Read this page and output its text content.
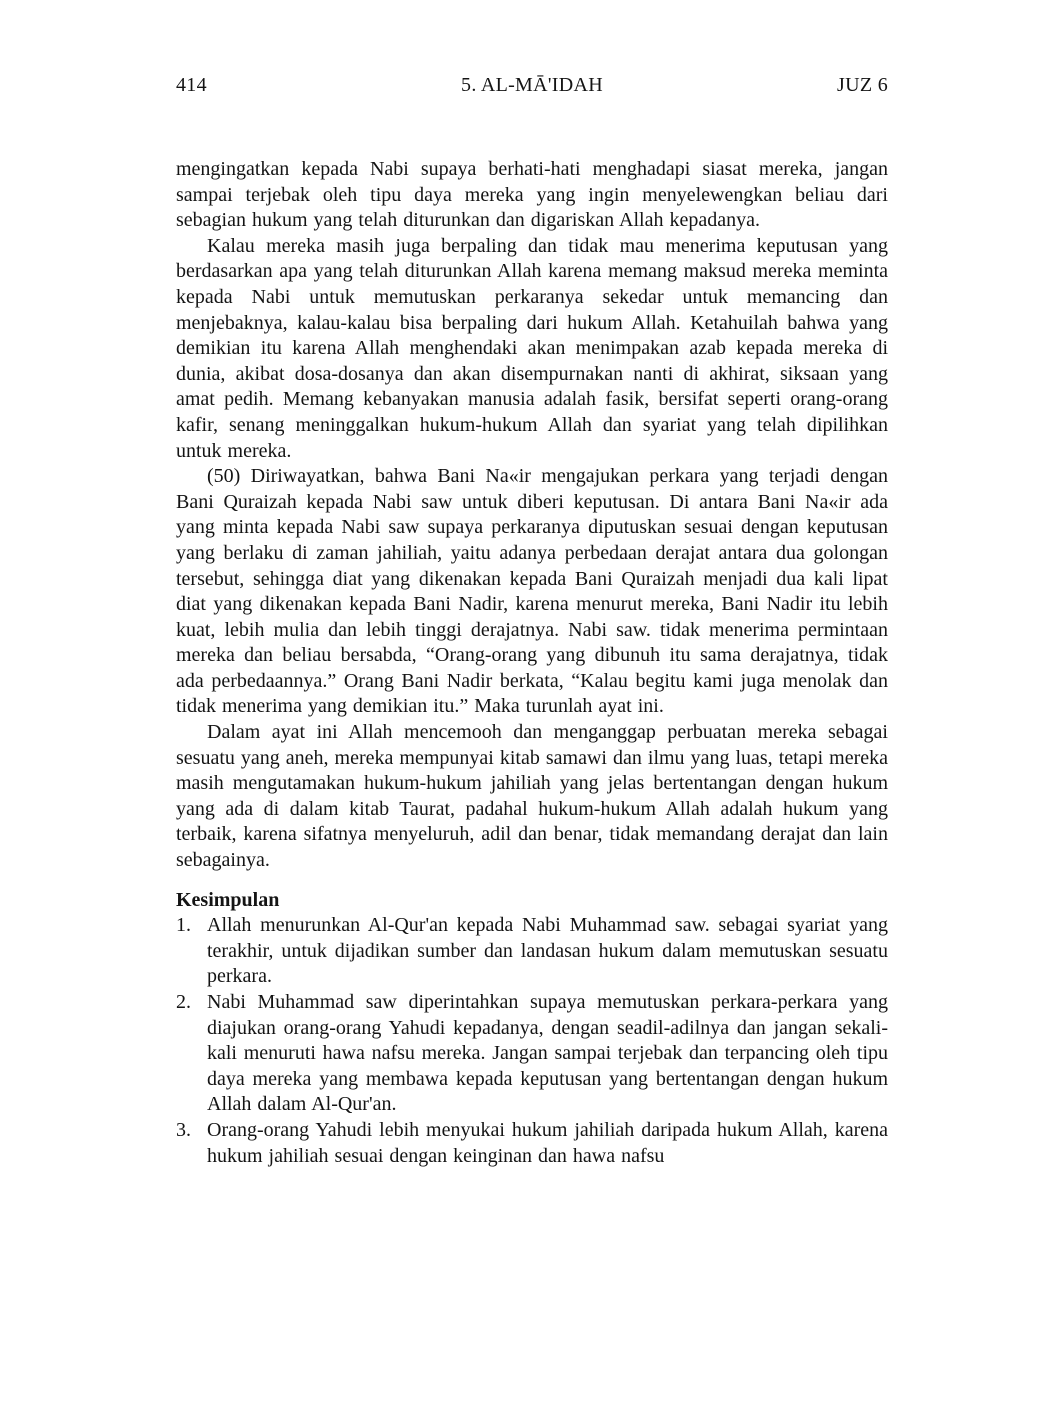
414	5. AL-MĀ'IDAH	JUZ 6

mengingatkan kepada Nabi supaya berhati-hati menghadapi siasat mereka, jangan sampai terjebak oleh tipu daya mereka yang ingin menyelewengkan beliau dari sebagian hukum yang telah diturunkan dan digariskan Allah kepadanya.

Kalau mereka masih juga berpaling dan tidak mau menerima keputusan yang berdasarkan apa yang telah diturunkan Allah karena memang maksud mereka meminta kepada Nabi untuk memutuskan perkaranya sekedar untuk memancing dan menjebaknya, kalau-kalau bisa berpaling dari hukum Allah. Ketahuilah bahwa yang demikian itu karena Allah menghendaki akan menimpakan azab kepada mereka di dunia, akibat dosa-dosanya dan akan disempurnakan nanti di akhirat, siksaan yang amat pedih. Memang kebanyakan manusia adalah fasik, bersifat seperti orang-orang kafir, senang meninggalkan hukum-hukum Allah dan syariat yang telah dipilihkan untuk mereka.

(50) Diriwayatkan, bahwa Bani Na«ir mengajukan perkara yang terjadi dengan Bani Quraizah kepada Nabi saw untuk diberi keputusan. Di antara Bani Na«ir ada yang minta kepada Nabi saw supaya perkaranya diputuskan sesuai dengan keputusan yang berlaku di zaman jahiliah, yaitu adanya perbedaan derajat antara dua golongan tersebut, sehingga diat yang dikenakan kepada Bani Quraizah menjadi dua kali lipat diat yang dikenakan kepada Bani Nadir, karena menurut mereka, Bani Nadir itu lebih kuat, lebih mulia dan lebih tinggi derajatnya. Nabi saw. tidak menerima permintaan mereka dan beliau bersabda, “Orang-orang yang dibunuh itu sama derajatnya, tidak ada perbedaannya.” Orang Bani Nadir berkata, “Kalau begitu kami juga menolak dan tidak menerima yang demikian itu.” Maka turunlah ayat ini.

Dalam ayat ini Allah mencemooh dan menganggap perbuatan mereka sebagai sesuatu yang aneh, mereka mempunyai kitab samawi dan ilmu yang luas, tetapi mereka masih mengutamakan hukum-hukum jahiliah yang jelas bertentangan dengan hukum yang ada di dalam kitab Taurat, padahal hukum-hukum Allah adalah hukum yang terbaik, karena sifatnya menyeluruh, adil dan benar, tidak memandang derajat dan lain sebagainya.

Kesimpulan

1. Allah menurunkan Al-Qur'an kepada Nabi Muhammad saw. sebagai syariat yang terakhir, untuk dijadikan sumber dan landasan hukum dalam memutuskan sesuatu perkara.
2. Nabi Muhammad saw diperintahkan supaya memutuskan perkara-perkara yang diajukan orang-orang Yahudi kepadanya, dengan seadil-adilnya dan jangan sekali-kali menuruti hawa nafsu mereka. Jangan sampai terjebak dan terpancing oleh tipu daya mereka yang membawa kepada keputusan yang bertentangan dengan hukum Allah dalam Al-Qur'an.
3. Orang-orang Yahudi lebih menyukai hukum jahiliah daripada hukum Allah, karena hukum jahiliah sesuai dengan keinginan dan hawa nafsu
